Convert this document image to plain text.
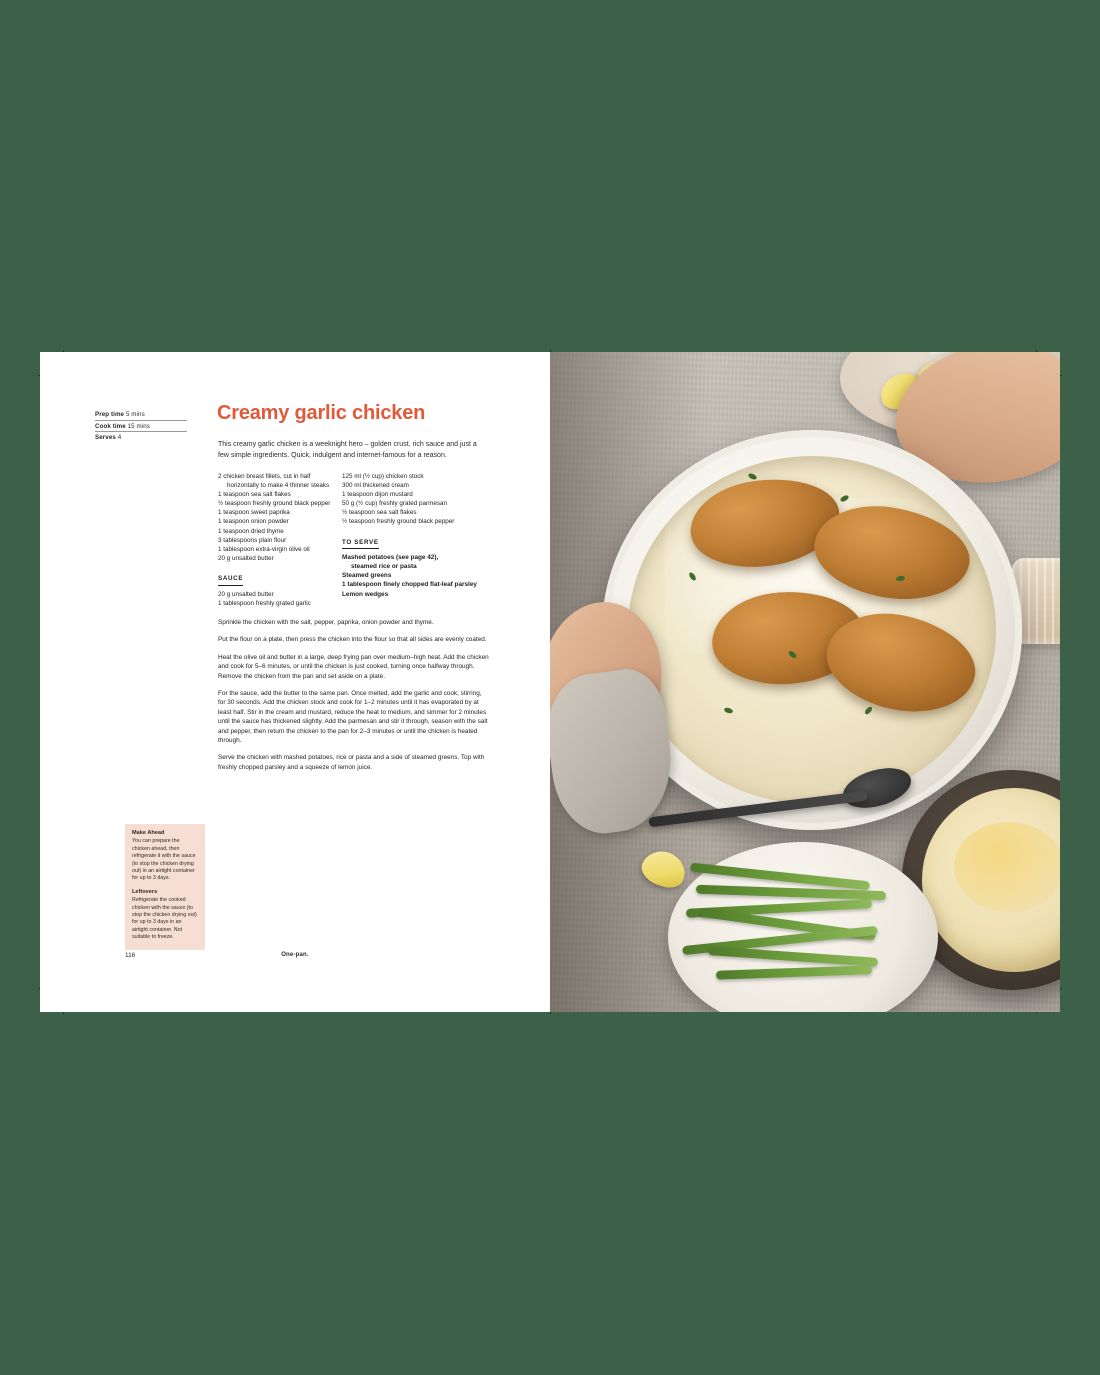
Prep time 5 mins
Cook time 15 mins
Serves 4
Creamy garlic chicken
This creamy garlic chicken is a weeknight hero – golden crust, rich sauce and just a few simple ingredients. Quick, indulgent and internet-famous for a reason.
2 chicken breast fillets, cut in half
horizontally to make 4 thinner steaks
1 teaspoon sea salt flakes
½ teaspoon freshly ground black pepper
1 teaspoon sweet paprika
1 teaspoon onion powder
1 teaspoon dried thyme
3 tablespoons plain flour
1 tablespoon extra-virgin olive oil
20 g unsalted butter
SAUCE
20 g unsalted butter
1 tablespoon freshly grated garlic
125 ml (½ cup) chicken stock
300 ml thickened cream
1 teaspoon dijon mustard
50 g (½ cup) freshly grated parmesan
½ teaspoon sea salt flakes
½ teaspoon freshly ground black pepper
TO SERVE
Mashed potatoes (see page 42),
steamed rice or pasta
Steamed greens
1 tablespoon finely chopped flat-leaf parsley
Lemon wedges

Sprinkle the chicken with the salt, pepper, paprika, onion powder and thyme.

Put the flour on a plate, then press the chicken into the flour so that all sides are evenly coated.

Heat the olive oil and butter in a large, deep frying pan over medium–high heat. Add the chicken and cook for 5–6 minutes, or until the chicken is just cooked, turning once halfway through. Remove the chicken from the pan and set aside on a plate.

For the sauce, add the butter to the same pan. Once melted, add the garlic and cook, stirring, for 30 seconds. Add the chicken stock and cook for 1–2 minutes until it has evaporated by at least half. Stir in the cream and mustard, reduce the heat to medium, and simmer for 2 minutes until the sauce has thickened slightly. Add the parmesan and stir it through, season with the salt and pepper, then return the chicken to the pan for 2–3 minutes or until the chicken is heated through.

Serve the chicken with mashed potatoes, rice or pasta and a side of steamed greens. Top with freshly chopped parsley and a squeeze of lemon juice.

Make Ahead
You can prepare the chicken ahead, then refrigerate it with the sauce (to stop the chicken drying out) in an airtight container for up to 3 days.
Leftovers
Refrigerate the cooked chicken with the sauce (to stop the chicken drying out) for up to 3 days in an airtight container. Not suitable to freeze.
116	One-pan.
